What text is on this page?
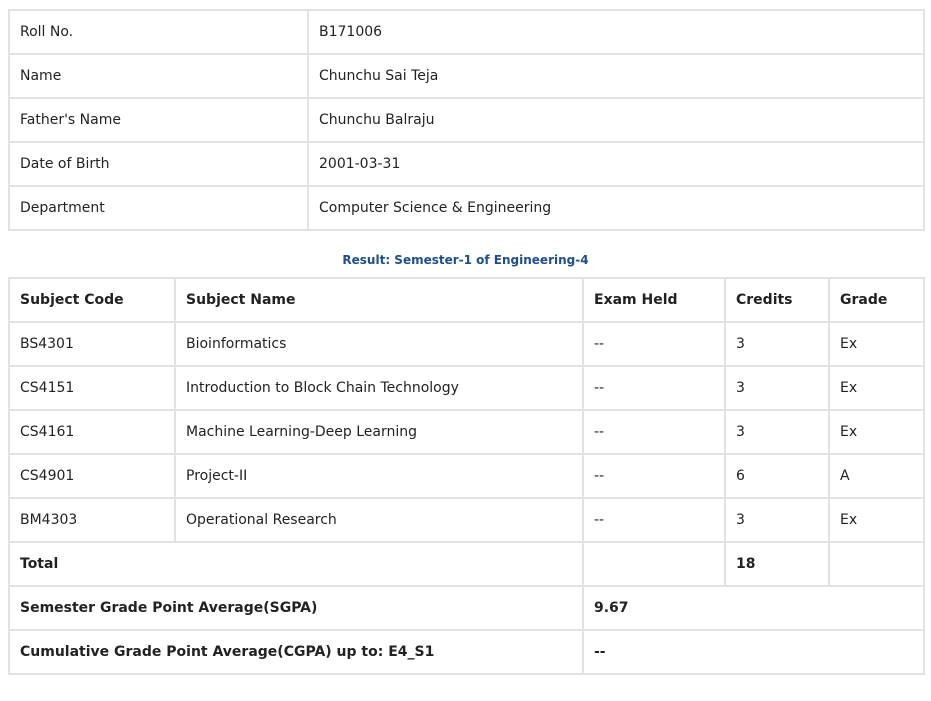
Roll No.	B171006
Name	Chunchu Sai Teja
Father's Name	Chunchu Balraju
Date of Birth	2001-03-31
Department	Computer Science & Engineering
Result: Semester-1 of Engineering-4
Subject Code	Subject Name	Exam Held	Credits	Grade
BS4301	Bioinformatics	--	3	Ex
CS4151	Introduction to Block Chain Technology	--	3	Ex
CS4161	Machine Learning-Deep Learning	--	3	Ex
CS4901	Project-II	--	6	A
BM4303	Operational Research	--	3	Ex
Total			18	
Semester Grade Point Average(SGPA)		9.67		
Cumulative Grade Point Average(CGPA) up to: E4_S1		--		
